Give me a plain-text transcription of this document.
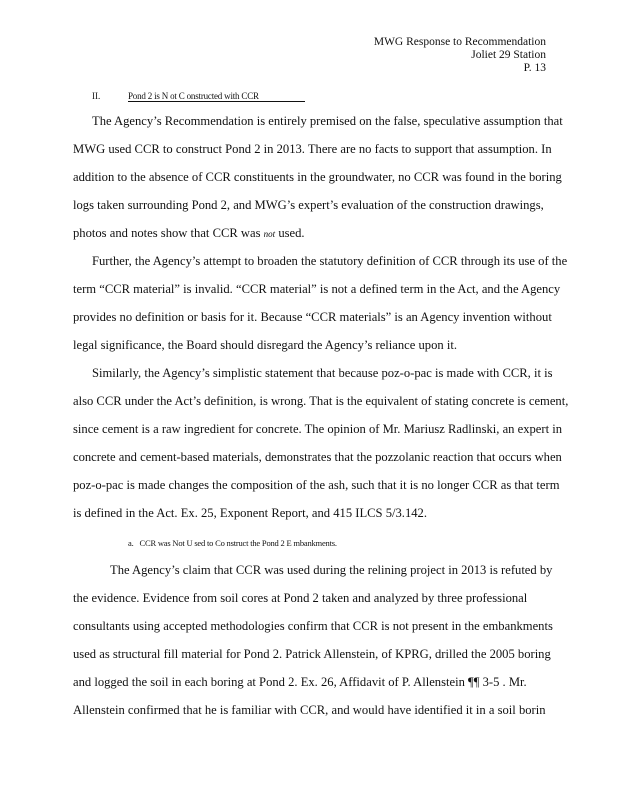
MWG Response to Recommendation
Joliet 29 Station
P. 13
II.	Pond 2 is N ot C onstructed with CCR
The Agency’s Recommendation is entirely premised on the false, speculative assumption that
MWG used CCR to construct Pond 2 in 2013. There are no facts to support that assumption. In
addition to the absence of CCR constituents in the groundwater, no CCR was found in the boring
logs taken surrounding Pond 2, and MWG’s expert’s evaluation of the construction drawings,
photos and notes show that CCR was not used.
Further, the Agency’s attempt to broaden the statutory definition of CCR through its use of the
term “CCR material” is invalid. “CCR material” is not a defined term in the Act, and the Agency
provides no definition or basis for it. Because “CCR materials” is an Agency invention without
legal significance, the Board should disregard the Agency’s reliance upon it.
Similarly, the Agency’s simplistic statement that because poz-o-pac is made with CCR, it is
also CCR under the Act’s definition, is wrong. That is the equivalent of stating concrete is cement,
since cement is a raw ingredient for concrete. The opinion of Mr. Mariusz Radlinski, an expert in
concrete and cement-based materials, demonstrates that the pozzolanic reaction that occurs when
poz-o-pac is made changes the composition of the ash, such that it is no longer CCR as that term
is defined in the Act. Ex. 25, Exponent Report, and 415 ILCS 5/3.142.
a. CCR was Not U sed to Co nstruct the Pond 2 E mbankments.
The Agency’s claim that CCR was used during the relining project in 2013 is refuted by
the evidence. Evidence from soil cores at Pond 2 taken and analyzed by three professional
consultants using accepted methodologies confirm that CCR is not present in the embankments
used as structural fill material for Pond 2. Patrick Allenstein, of KPRG, drilled the 2005 boring
and logged the soil in each boring at Pond 2. Ex. 26, Affidavit of P. Allenstein ¶¶ 3-5 . Mr.
Allenstein confirmed that he is familiar with CCR, and would have identified it in a soil borin
